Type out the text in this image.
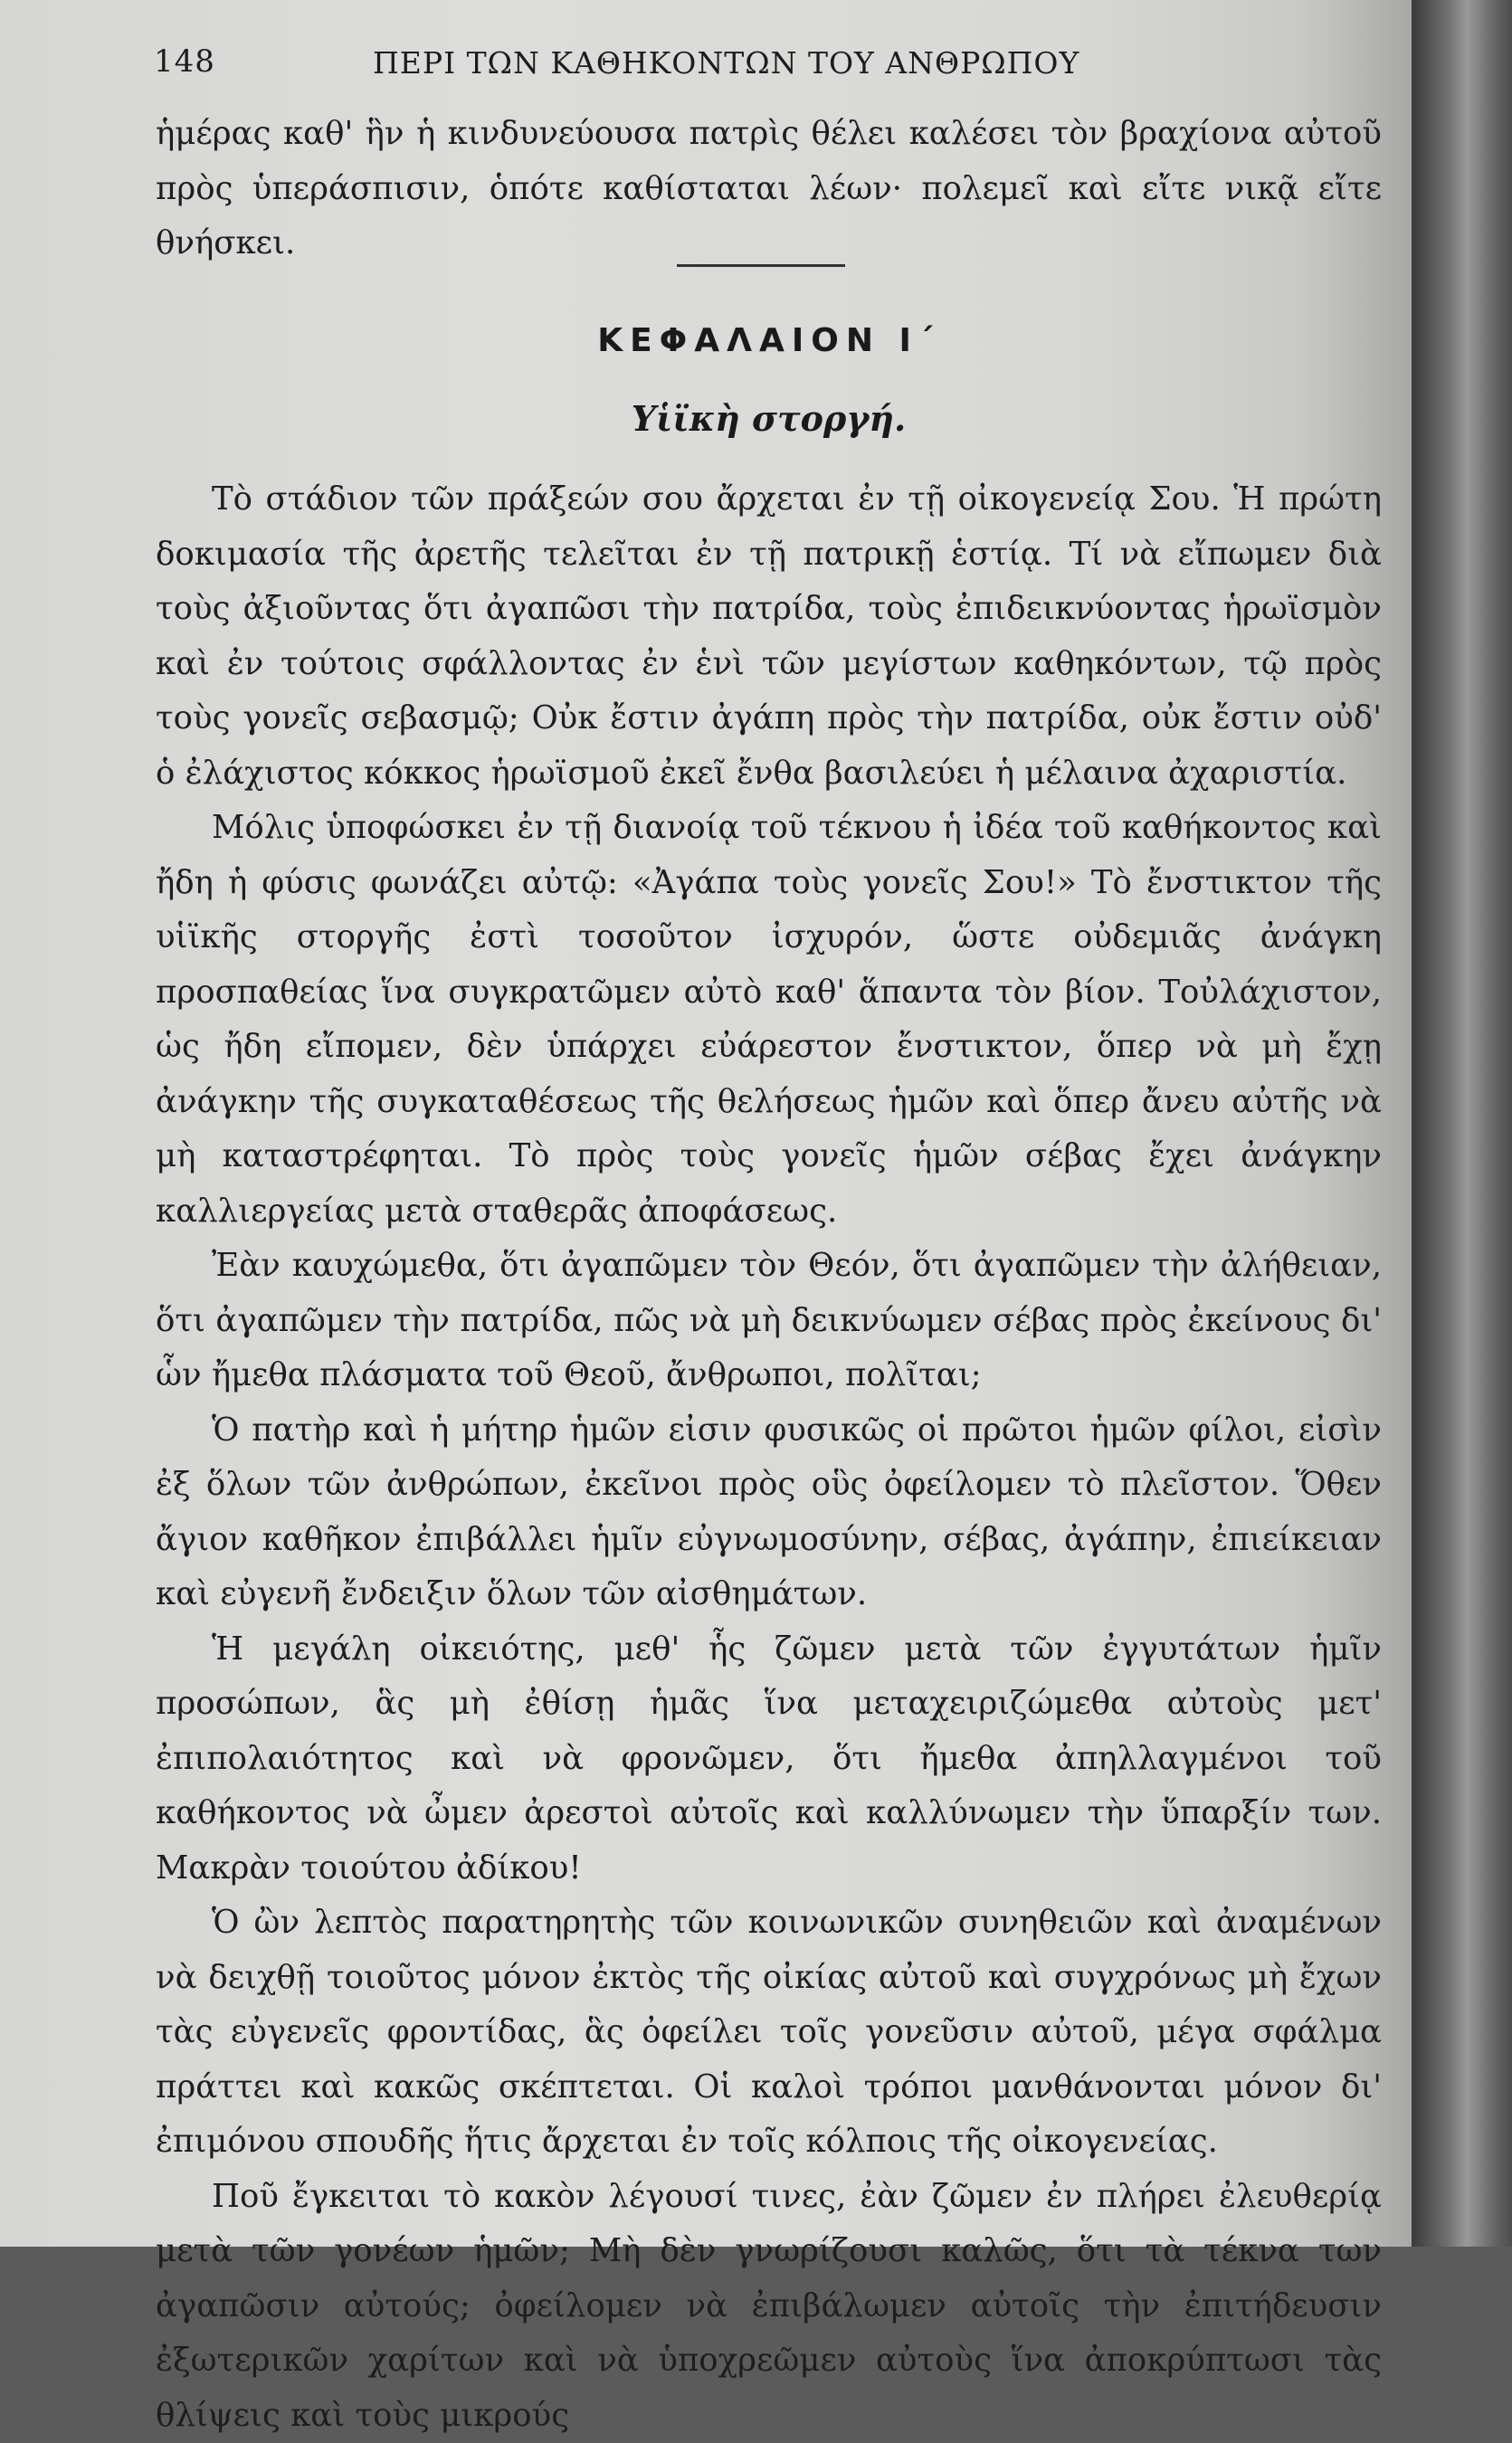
148	ΠΕΡΙ ΤΩΝ ΚΑΘΗΚΟΝΤΩΝ ΤΟΥ ΑΝΘΡΩΠΟΥ

ἡμέρας καθ' ἣν ἡ κινδυνεύουσα πατρὶς θέλει καλέσει τὸν βραχίονα αὐτοῦ πρὸς ὑπεράσπισιν, ὁπότε καθίσταται λέων· πολεμεῖ καὶ εἴτε νικᾷ εἴτε θνήσκει.

ΚΕΦΑΛΑΙΟΝ Ι΄
Υἱϊκὴ στοργή.

Τὸ στάδιον τῶν πράξεών σου ἄρχεται ἐν τῇ οἰκογενείᾳ Σου. Ἡ πρώτη δοκιμασία τῆς ἀρετῆς τελεῖται ἐν τῇ πατρικῇ ἑστίᾳ. Τί νὰ εἴπωμεν διὰ τοὺς ἀξιοῦντας ὅτι ἀγαπῶσι τὴν πατρίδα, τοὺς ἐπιδεικνύοντας ἡρωϊσμὸν καὶ ἐν τούτοις σφάλλοντας ἐν ἑνὶ τῶν μεγίστων καθηκόντων, τῷ πρὸς τοὺς γονεῖς σεβασμῷ; Οὐκ ἔστιν ἀγάπη πρὸς τὴν πατρίδα, οὐκ ἔστιν οὐδ' ὁ ἐλάχιστος κόκκος ἡρωϊσμοῦ ἐκεῖ ἔνθα βασιλεύει ἡ μέλαινα ἀχαριστία.

Μόλις ὑποφώσκει ἐν τῇ διανοίᾳ τοῦ τέκνου ἡ ἰδέα τοῦ καθήκοντος καὶ ἤδη ἡ φύσις φωνάζει αὐτῷ: «Ἀγάπα τοὺς γονεῖς Σου!» Τὸ ἔνστικτον τῆς υἱϊκῆς στοργῆς ἐστὶ τοσοῦτον ἰσχυρόν, ὥστε οὐδεμιᾶς ἀνάγκη προσπαθείας ἵνα συγκρατῶμεν αὐτὸ καθ' ἅπαντα τὸν βίον. Τοὐλάχιστον, ὡς ἤδη εἴπομεν, δὲν ὑπάρχει εὐάρεστον ἔνστικτον, ὅπερ νὰ μὴ ἔχῃ ἀνάγκην τῆς συγκαταθέσεως τῆς θελήσεως ἡμῶν καὶ ὅπερ ἄνευ αὐτῆς νὰ μὴ καταστρέφηται. Τὸ πρὸς τοὺς γονεῖς ἡμῶν σέβας ἔχει ἀνάγκην καλλιεργείας μετὰ σταθερᾶς ἀποφάσεως.

Ἐὰν καυχώμεθα, ὅτι ἀγαπῶμεν τὸν Θεόν, ὅτι ἀγαπῶμεν τὴν ἀλήθειαν, ὅτι ἀγαπῶμεν τὴν πατρίδα, πῶς νὰ μὴ δεικνύωμεν σέβας πρὸς ἐκείνους δι' ὧν ἤμεθα πλάσματα τοῦ Θεοῦ, ἄνθρωποι, πολῖται;

Ὁ πατὴρ καὶ ἡ μήτηρ ἡμῶν εἰσιν φυσικῶς οἱ πρῶτοι ἡμῶν φίλοι, εἰσὶν ἐξ ὅλων τῶν ἀνθρώπων, ἐκεῖνοι πρὸς οὓς ὀφείλομεν τὸ πλεῖστον. Ὅθεν ἄγιον καθῆκον ἐπιβάλλει ἡμῖν εὐγνωμοσύνην, σέβας, ἀγάπην, ἐπιείκειαν καὶ εὐγενῆ ἔνδειξιν ὅλων τῶν αἰσθημάτων.

Ἡ μεγάλη οἰκειότης, μεθ' ἧς ζῶμεν μετὰ τῶν ἐγγυτάτων ἡμῖν προσώπων, ἃς μὴ ἐθίσῃ ἡμᾶς ἵνα μεταχειριζώμεθα αὐτοὺς μετ' ἐπιπολαιότητος καὶ νὰ φρονῶμεν, ὅτι ἤμεθα ἀπηλλαγμένοι τοῦ καθήκοντος νὰ ὦμεν ἀρεστοὶ αὐτοῖς καὶ καλλύνωμεν τὴν ὕπαρξίν των. Μακρὰν τοιούτου ἀδίκου!

Ὁ ὢν λεπτὸς παρατηρητὴς τῶν κοινωνικῶν συνηθειῶν καὶ ἀναμένων νὰ δειχθῇ τοιοῦτος μόνον ἐκτὸς τῆς οἰκίας αὐτοῦ καὶ συγχρόνως μὴ ἔχων τὰς εὐγενεῖς φροντίδας, ἃς ὀφείλει τοῖς γονεῦσιν αὐτοῦ, μέγα σφάλμα πράττει καὶ κακῶς σκέπτεται. Οἱ καλοὶ τρόποι μανθάνονται μόνον δι' ἐπιμόνου σπουδῆς ἥτις ἄρχεται ἐν τοῖς κόλποις τῆς οἰκογενείας.

Ποῦ ἔγκειται τὸ κακὸν λέγουσί τινες, ἐὰν ζῶμεν ἐν πλήρει ἐλευθερίᾳ μετὰ τῶν γονέων ἡμῶν; Μὴ δὲν γνωρίζουσι καλῶς, ὅτι τὰ τέκνα των ἀγαπῶσιν αὐτούς; ὀφείλομεν νὰ ἐπιβάλωμεν αὐτοῖς τὴν ἐπιτήδευσιν ἐξωτερικῶν χαρίτων καὶ νὰ ὑποχρεῶμεν αὐτοὺς ἵνα ἀποκρύπτωσι τὰς θλίψεις καὶ τοὺς μικρούς
